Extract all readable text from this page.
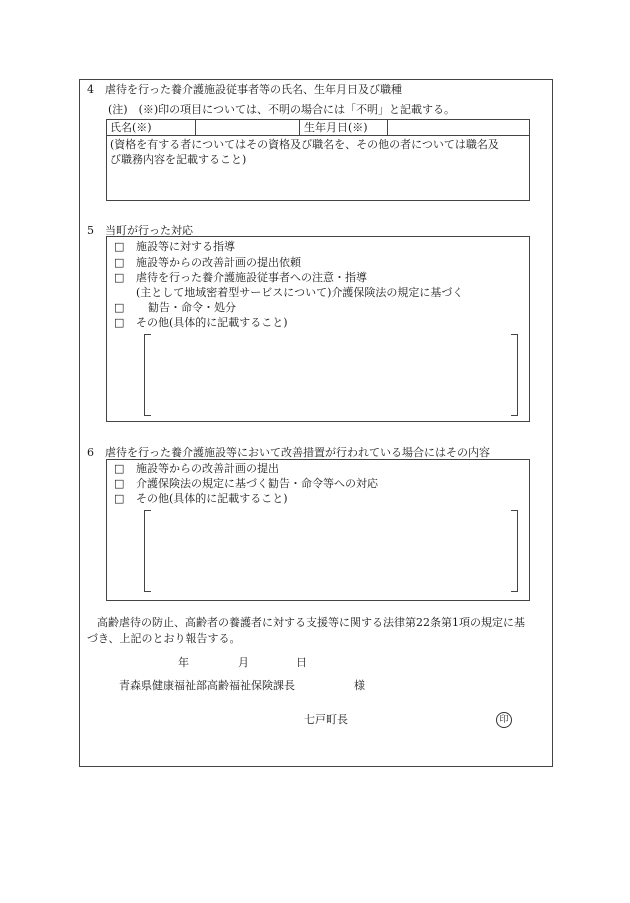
4　虐待を行った養介護施設従事者等の氏名、生年月日及び職種
(注)　(※)印の項目については、不明の場合には「不明」と記載する。
氏名(※)	生年月日(※)
(資格を有する者についてはその資格及び職名を、その他の者については職名及
び職務内容を記載すること)
5　当町が行った対応
□	施設等に対する指導
□	施設等からの改善計画の提出依頼
□	虐待を行った養介護施設従事者への注意・指導
(主として地域密着型サービスについて)介護保険法の規定に基づく
□	勧告・命令・処分
□	その他(具体的に記載すること)
6　虐待を行った養介護施設等において改善措置が行われている場合にはその内容
□	施設等からの改善計画の提出
□	介護保険法の規定に基づく勧告・命令等への対応
□	その他(具体的に記載すること)
高齢虐待の防止、高齢者の養護者に対する支援等に関する法律第22条第1項の規定に基
づき、上記のとおり報告する。
年	月	日
青森県健康福祉部高齢福祉保険課長	様
七戸町長	印
